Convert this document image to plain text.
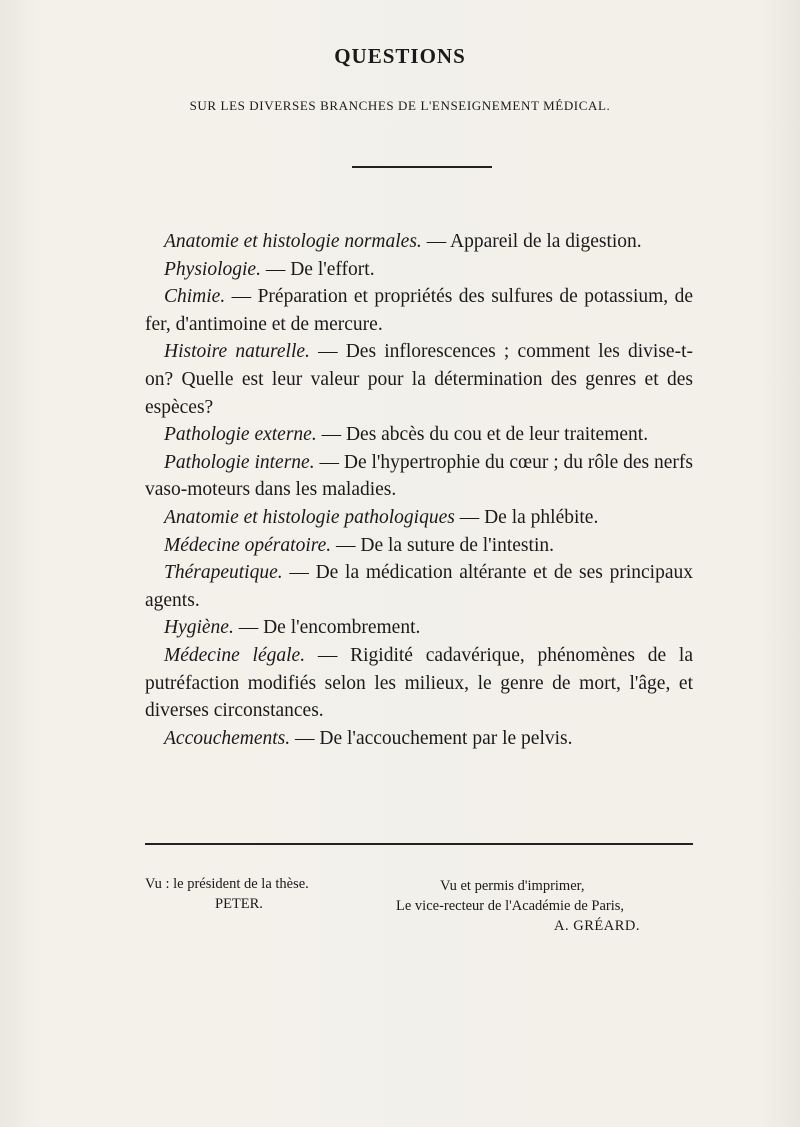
QUESTIONS
SUR LES DIVERSES BRANCHES DE L'ENSEIGNEMENT MÉDICAL.

Anatomie et histologie normales. — Appareil de la digestion.

Physiologie. — De l'effort.

Chimie. — Préparation et propriétés des sulfures de potassium, de fer, d'antimoine et de mercure.

Histoire naturelle. — Des inflorescences ; comment les divise-t-on? Quelle est leur valeur pour la détermination des genres et des espèces?

Pathologie externe. — Des abcès du cou et de leur traitement.

Pathologie interne. — De l'hypertrophie du cœur ; du rôle des nerfs vaso-moteurs dans les maladies.

Anatomie et histologie pathologiques — De la phlébite.

Médecine opératoire. — De la suture de l'intestin.

Thérapeutique. — De la médication altérante et de ses principaux agents.

Hygiène. — De l'encombrement.

Médecine légale. — Rigidité cadavérique, phénomènes de la putréfaction modifiés selon les milieux, le genre de mort, l'âge, et diverses circonstances.

Accouchements. — De l'accouchement par le pelvis.

Vu : le président de la thèse.
PETER.
Vu et permis d'imprimer,
Le vice-recteur de l'Académie de Paris,
A. GRÉARD.
